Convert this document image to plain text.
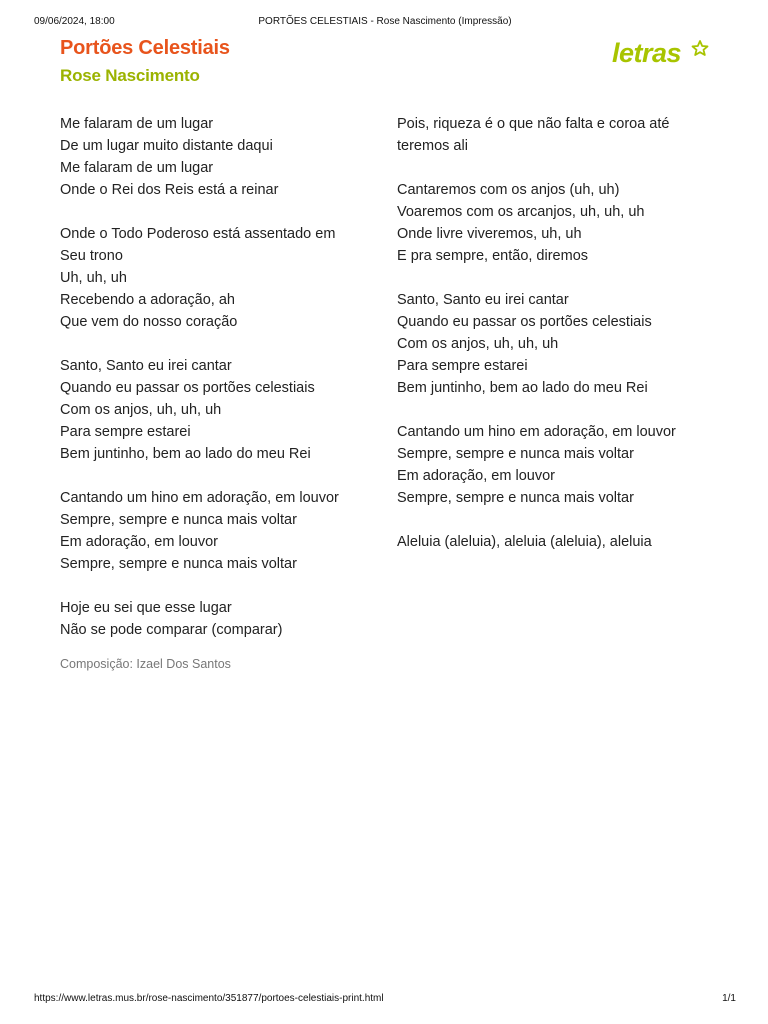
09/06/2024, 18:00	PORTÕES CELESTIAIS - Rose Nascimento (Impressão)
Portões Celestiais
Rose Nascimento
letras

Me falaram de um lugar
De um lugar muito distante daqui
Me falaram de um lugar
Onde o Rei dos Reis está a reinar

Onde o Todo Poderoso está assentado em
Seu trono
Uh, uh, uh
Recebendo a adoração, ah
Que vem do nosso coração

Santo, Santo eu irei cantar
Quando eu passar os portões celestiais
Com os anjos, uh, uh, uh
Para sempre estarei
Bem juntinho, bem ao lado do meu Rei

Cantando um hino em adoração, em louvor
Sempre, sempre e nunca mais voltar
Em adoração, em louvor
Sempre, sempre e nunca mais voltar

Hoje eu sei que esse lugar
Não se pode comparar (comparar)

Composição: Izael Dos Santos

Pois, riqueza é o que não falta e coroa até
teremos ali

Cantaremos com os anjos (uh, uh)
Voaremos com os arcanjos, uh, uh, uh
Onde livre viveremos, uh, uh
E pra sempre, então, diremos

Santo, Santo eu irei cantar
Quando eu passar os portões celestiais
Com os anjos, uh, uh, uh
Para sempre estarei
Bem juntinho, bem ao lado do meu Rei

Cantando um hino em adoração, em louvor
Sempre, sempre e nunca mais voltar
Em adoração, em louvor
Sempre, sempre e nunca mais voltar

Aleluia (aleluia), aleluia (aleluia), aleluia

https://www.letras.mus.br/rose-nascimento/351877/portoes-celestiais-print.html	1/1
